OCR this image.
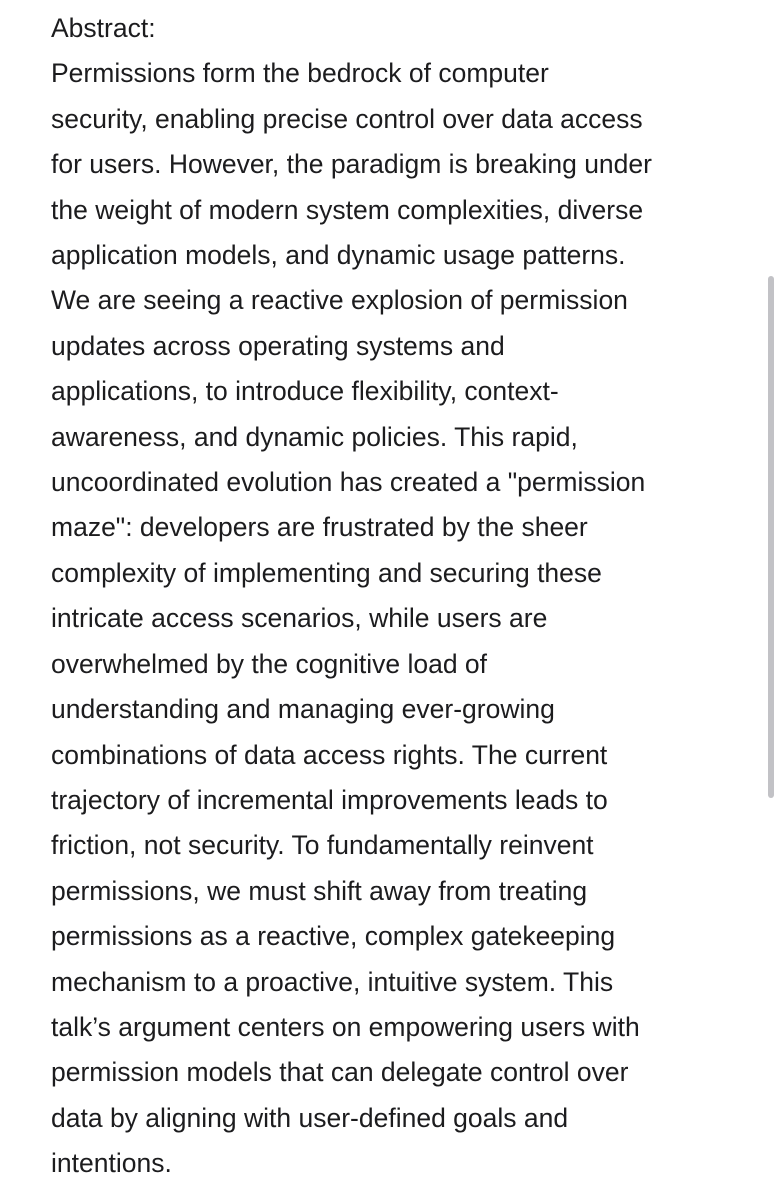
Abstract:
Permissions form the bedrock of computer
security, enabling precise control over data access
for users. However, the paradigm is breaking under
the weight of modern system complexities, diverse
application models, and dynamic usage patterns.
We are seeing a reactive explosion of permission
updates across operating systems and
applications, to introduce flexibility, context-
awareness, and dynamic policies. This rapid,
uncoordinated evolution has created a "permission
maze": developers are frustrated by the sheer
complexity of implementing and securing these
intricate access scenarios, while users are
overwhelmed by the cognitive load of
understanding and managing ever-growing
combinations of data access rights. The current
trajectory of incremental improvements leads to
friction, not security. To fundamentally reinvent
permissions, we must shift away from treating
permissions as a reactive, complex gatekeeping
mechanism to a proactive, intuitive system. This
talk’s argument centers on empowering users with
permission models that can delegate control over
data by aligning with user-defined goals and
intentions.
